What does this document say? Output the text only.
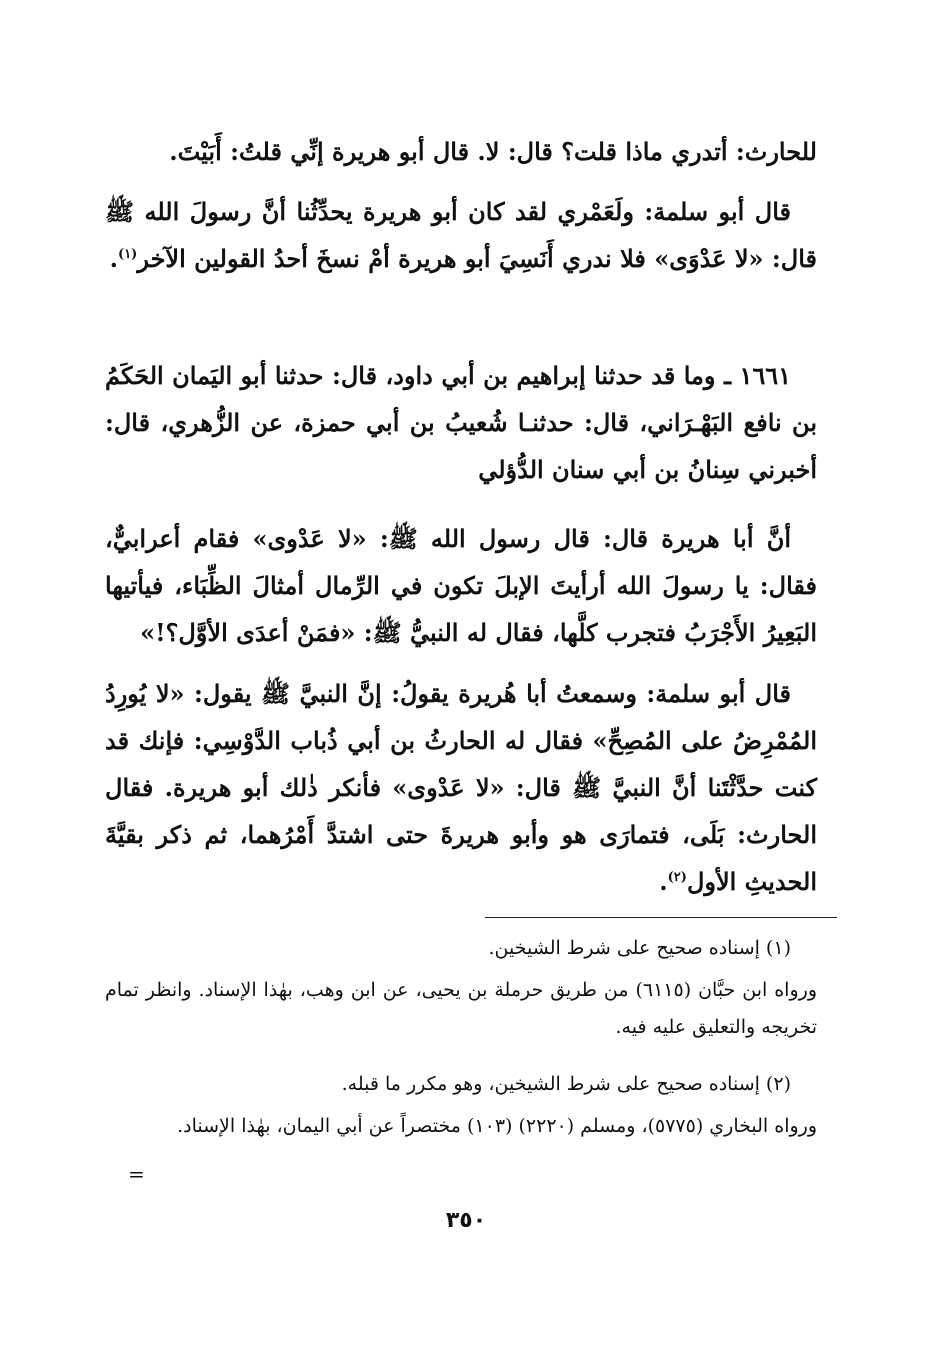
للحارث: أتدري ماذا قلت؟ قال: لا. قال أبو هريرة إنِّي قلتُ: أَبَيْتَ.

قال أبو سلمة: ولَعَمْري لقد كان أبو هريرة يحدِّثُنا أنَّ رسولَ الله ﷺ قال: «لا عَدْوَى» فلا ندري أَنَسِيَ أبو هريرة أمْ نسخَ أحدُ القولين الآخر$^{(١)}$.

١٦٦١ ـ وما قد حدثنا إبراهيم بن أبي داود، قال: حدثنا أبو اليَمان الحَكَمُ بن نافع البَهْـرَاني، قال: حدثنـا شُعيبُ بن أبي حمزة، عن الزُّهري، قال: أخبرني سِنانُ بن أبي سنان الدُّؤلي

أنَّ أبا هريرة قال: قال رسول الله ﷺ: «لا عَدْوى» فقام أعرابيٌّ، فقال: يا رسولَ الله أرأيتَ الإبلَ تكون في الرِّمال أمثالَ الظِّبَاء، فيأتيها البَعِيرُ الأَجْرَبُ فتجرب كلَّها، فقال له النبيُّ ﷺ: «فمَنْ أعدَى الأوَّل؟!»

قال أبو سلمة: وسمعتُ أبا هُريرة يقولُ: إنَّ النبيَّ ﷺ يقول: «لا يُورِدُ المُمْرِضُ على المُصِحِّ» فقال له الحارثُ بن أبي ذُباب الدَّوْسِي: فإنك قد كنت حدَّثْتَنا أنَّ النبيَّ ﷺ قال: «لا عَدْوى» فأنكر ذٰلك أبو هريرة. فقال الحارث: بَلَى، فتمارَى هو وأبو هريرةَ حتى اشتدَّ أَمْرُهما، ثم ذكر بقيَّةَ الحديثِ الأول$^{(٢)}$.

(١) إسناده صحيح على شرط الشيخين.

ورواه ابن حبَّان (٦١١٥) من طريق حرملة بن يحيى، عن ابن وهب، بهٰذا الإسناد. وانظر تمام تخريجه والتعليق عليه فيه.

(٢) إسناده صحيح على شرط الشيخين، وهو مكرر ما قبله.

ورواه البخاري (٥٧٧٥)، ومسلم (٢٢٢٠) (١٠٣) مختصراً عن أبي اليمان، بهٰذا الإسناد.

=
٣٥٠
